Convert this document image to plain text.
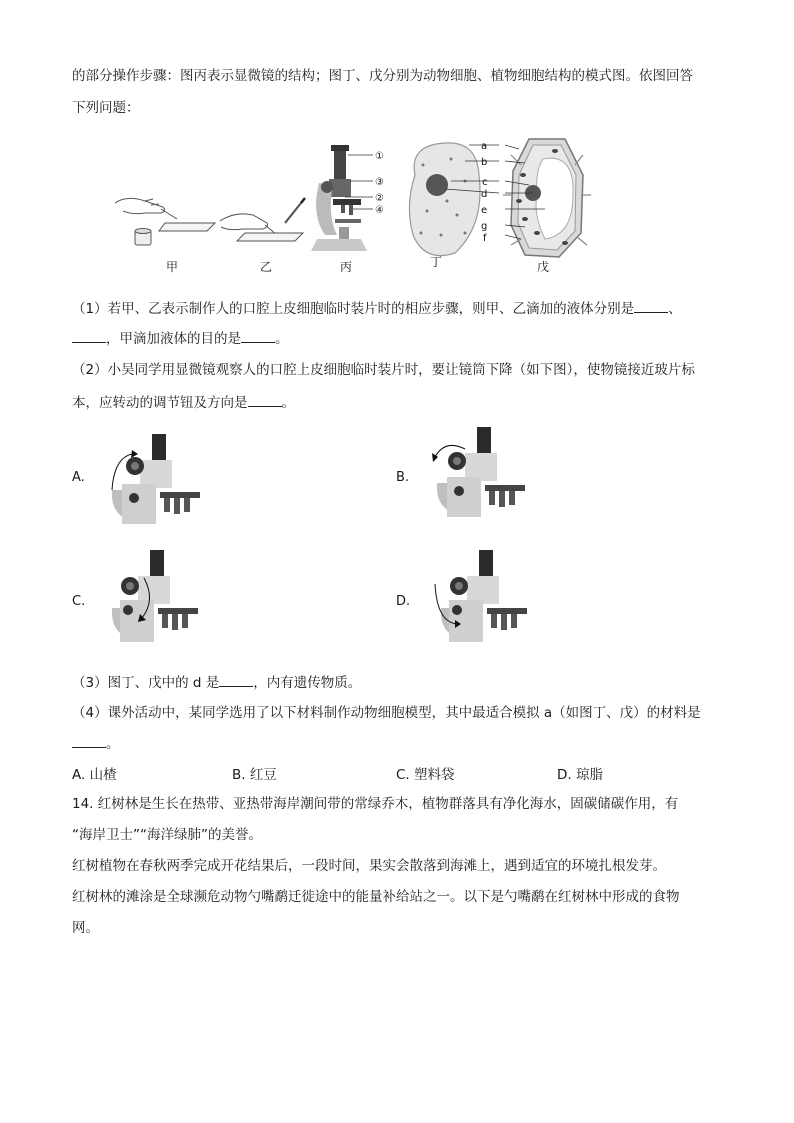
的部分操作步骤：图丙表示显微镜的结构；图丁、戊分别为动物细胞、植物细胞结构的模式图。依图回答
下列问题：
①
③
②
④
a
b
c
d
e
g
f
甲	乙	丙	丁	戊
（1）若甲、乙表示制作人的口腔上皮细胞临时装片时的相应步骤，则甲、乙滴加的液体分别是	、
，甲滴加液体的目的是	。
（2）小吴同学用显微镜观察人的口腔上皮细胞临时装片时，要让镜筒下降（如下图），使物镜接近玻片标
本，应转动的调节钮及方向是	。
A.	B.
C.	D.
（3）图丁、戊中的 d 是	，内有遗传物质。
（4）课外活动中，某同学选用了以下材料制作动物细胞模型，其中最适合模拟 a（如图丁、戊）的材料是
。
A. 山楂	B. 红豆	C. 塑料袋	D. 琼脂
14. 红树林是生长在热带、亚热带海岸潮间带的常绿乔木，植物群落具有净化海水，固碳储碳作用，有
“海岸卫士”“海洋绿肺”的美誉。
红树植物在春秋两季完成开花结果后，一段时间，果实会散落到海滩上，遇到适宜的环境扎根发芽。
红树林的滩涂是全球濒危动物勺嘴鹬迁徙途中的能量补给站之一。以下是勺嘴鹬在红树林中形成的食物
网。
